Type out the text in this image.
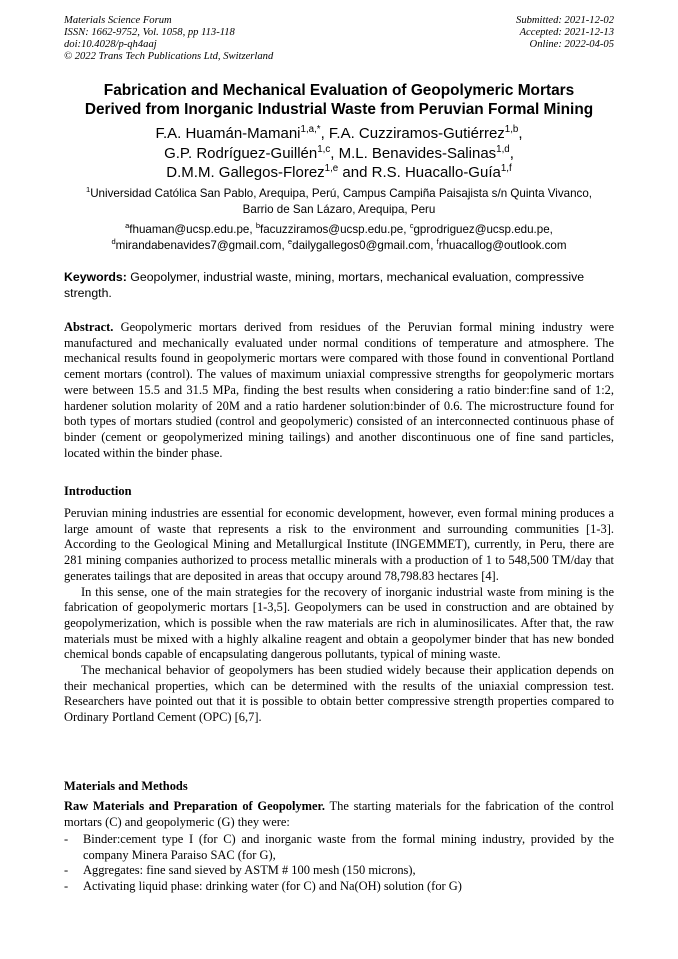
Materials Science Forum
ISSN: 1662-9752, Vol. 1058, pp 113-118
doi:10.4028/p-qh4aaj
© 2022 Trans Tech Publications Ltd, Switzerland
Submitted: 2021-12-02
Accepted: 2021-12-13
Online: 2022-04-05
Fabrication and Mechanical Evaluation of Geopolymeric Mortars
Derived from Inorganic Industrial Waste from Peruvian Formal Mining
F.A. Huamán-Mamani$^{1,a,*}$, F.A. Cuzziramos-Gutiérrez$^{1,b}$,
G.P. Rodríguez-Guillén$^{1,c}$, M.L. Benavides-Salinas$^{1,d}$,
D.M.M. Gallegos-Florez$^{1,e}$ and R.S. Huacallo-Guía$^{1,f}$
$^1$Universidad Católica San Pablo, Arequipa, Perú, Campus Campiña Paisajista s/n Quinta Vivanco,
Barrio de San Lázaro, Arequipa, Peru
$^a$fhuaman@ucsp.edu.pe, $^b$facuzziramos@ucsp.edu.pe, $^c$gprodriguez@ucsp.edu.pe,
$^d$mirandabenavides7@gmail.com, $^e$dailygallegos0@gmail.com, $^f$rhuacallog@outlook.com
Keywords: Geopolymer, industrial waste, mining, mortars, mechanical evaluation, compressive strength.
Abstract. Geopolymeric mortars derived from residues of the Peruvian formal mining industry were manufactured and mechanically evaluated under normal conditions of temperature and atmosphere. The mechanical results found in geopolymeric mortars were compared with those found in conventional Portland cement mortars (control). The values of maximum uniaxial compressive strengths for geopolymeric mortars were between 15.5 and 31.5 MPa, finding the best results when considering a ratio binder:fine sand of 1:2, hardener solution molarity of 20M and a ratio hardener solution:binder of 0.6. The microstructure found for both types of mortars studied (control and geopolymeric) consisted of an interconnected continuous phase of binder (cement or geopolymerized mining tailings) and another discontinuous one of fine sand particles, located within the binder phase.
Introduction

Peruvian mining industries are essential for economic development, however, even formal mining produces a large amount of waste that represents a risk to the environment and surrounding communities [1-3]. According to the Geological Mining and Metallurgical Institute (INGEMMET), currently, in Peru, there are 281 mining companies authorized to process metallic minerals with a production of 1 to 548,500 TM/day that generates tailings that are deposited in areas that occupy around 78,798.83 hectares [4].

In this sense, one of the main strategies for the recovery of inorganic industrial waste from mining is the fabrication of geopolymeric mortars [1-3,5]. Geopolymers can be used in construction and are obtained by geopolymerization, which is possible when the raw materials are rich in aluminosilicates. After that, the raw materials must be mixed with a highly alkaline reagent and obtain a geopolymer binder that has new bonded chemical bonds capable of encapsulating dangerous pollutants, typical of mining waste.

The mechanical behavior of geopolymers has been studied widely because their application depends on their mechanical properties, which can be determined with the results of the uniaxial compression test. Researchers have pointed out that it is possible to obtain better compressive strength properties compared to Ordinary Portland Cement (OPC) [6,7].

Materials and Methods

Raw Materials and Preparation of Geopolymer. The starting materials for the fabrication of the control mortars (C) and geopolymeric (G) they were:

- Binder:cement type I (for C) and inorganic waste from the formal mining industry, provided by the company Minera Paraiso SAC (for G),
- Aggregates: fine sand sieved by ASTM # 100 mesh (150 microns),
- Activating liquid phase: drinking water (for C) and Na(OH) solution (for G)
